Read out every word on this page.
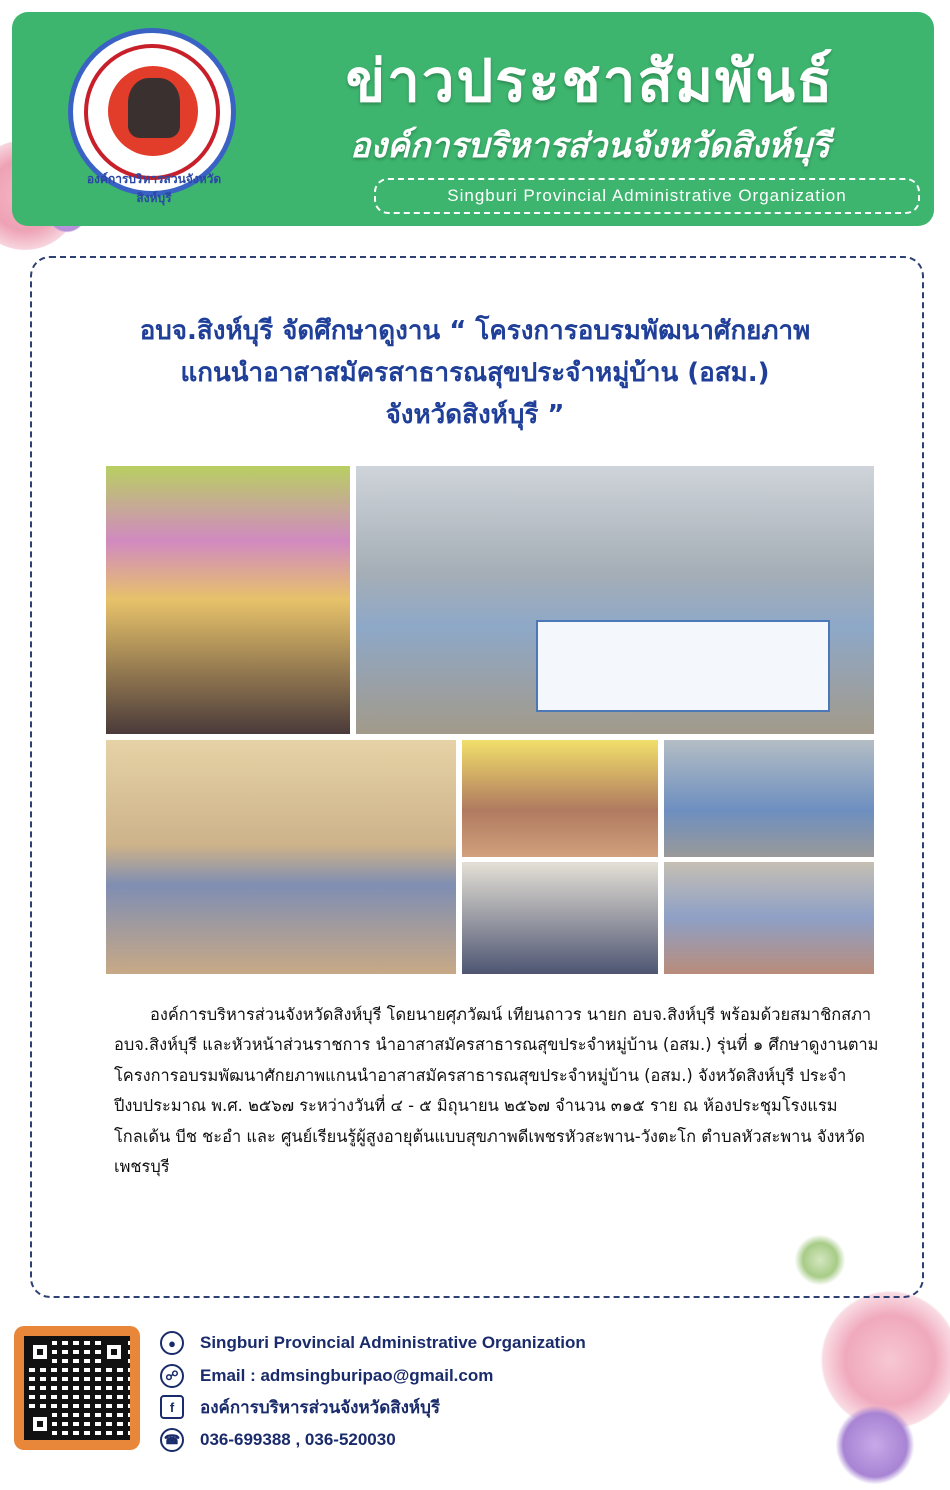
องค์การบริหารส่วนจังหวัดสิงห์บุรี
ข่าวประชาสัมพันธ์
องค์การบริหารส่วนจังหวัดสิงห์บุรี
Singburi Provincial Administrative Organization
อบจ.สิงห์บุรี จัดศึกษาดูงาน “ โครงการอบรมพัฒนาศักยภาพ
แกนนำอาสาสมัครสาธารณสุขประจำหมู่บ้าน (อสม.)
จังหวัดสิงห์บุรี ”

องค์การบริหารส่วนจังหวัดสิงห์บุรี โดยนายศุภวัฒน์ เทียนถาวร นายก อบจ.สิงห์บุรี พร้อมด้วยสมาชิกสภา อบจ.สิงห์บุรี และหัวหน้าส่วนราชการ นำอาสาสมัครสาธารณสุขประจำหมู่บ้าน (อสม.) รุ่นที่ ๑ ศึกษาดูงานตามโครงการอบรมพัฒนาศักยภาพแกนนำอาสาสมัครสาธารณสุขประจำหมู่บ้าน (อสม.) จังหวัดสิงห์บุรี ประจำปีงบประมาณ พ.ศ. ๒๕๖๗ ระหว่างวันที่ ๔ - ๕ มิถุนายน ๒๕๖๗ จำนวน ๓๑๕ ราย ณ ห้องประชุมโรงแรมโกลเด้น บีช ชะอำ และ ศูนย์เรียนรู้ผู้สูงอายุต้นแบบสุขภาพดีเพชรหัวสะพาน-วังตะโก ตำบลหัวสะพาน จังหวัดเพชรบุรี

●	Singburi Provincial Administrative Organization
☍	Email : admsingburipao@gmail.com
f	องค์การบริหารส่วนจังหวัดสิงห์บุรี
☎ 036-699388 , 036-520030
